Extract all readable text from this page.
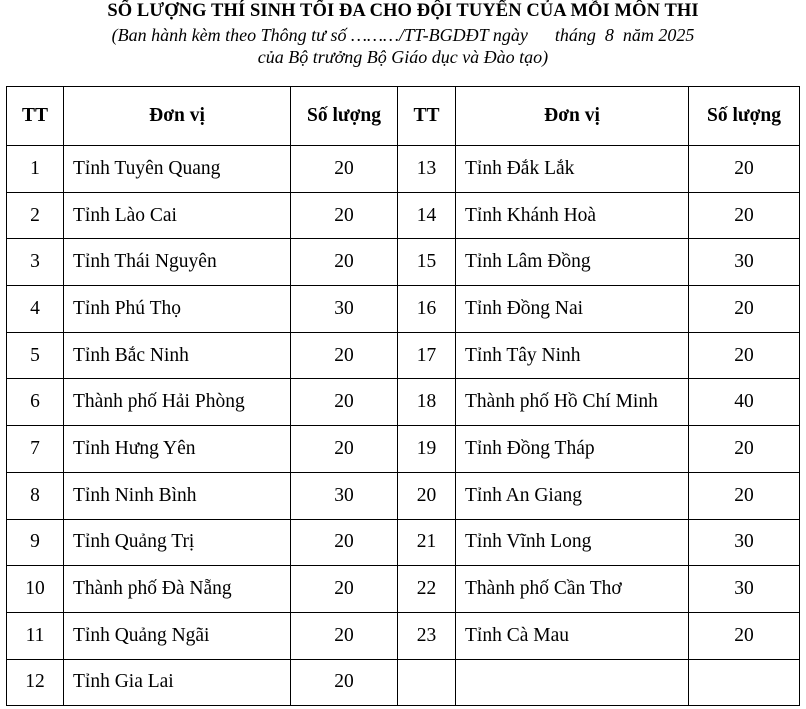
SỐ LƯỢNG THÍ SINH TỐI ĐA CHO ĐỘI TUYỂN CỦA MỖI MÔN THI
(Ban hành kèm theo Thông tư số ………/TT-BGDĐT ngày      tháng  8  năm 2025
của Bộ trưởng Bộ Giáo dục và Đào tạo)
TT	Đơn vị	Số lượng	TT	Đơn vị	Số lượng
1	Tỉnh Tuyên Quang	20	13	Tỉnh Đắk Lắk	20
2	Tỉnh Lào Cai	20	14	Tỉnh Khánh Hoà	20
3	Tỉnh Thái Nguyên	20	15	Tỉnh Lâm Đồng	30
4	Tỉnh Phú Thọ	30	16	Tỉnh Đồng Nai	20
5	Tỉnh Bắc Ninh	20	17	Tỉnh Tây Ninh	20
6	Thành phố Hải Phòng	20	18	Thành phố Hồ Chí Minh	40
7	Tỉnh Hưng Yên	20	19	Tỉnh Đồng Tháp	20
8	Tỉnh Ninh Bình	30	20	Tỉnh An Giang	20
9	Tỉnh Quảng Trị	20	21	Tỉnh Vĩnh Long	30
10	Thành phố Đà Nẵng	20	22	Thành phố Cần Thơ	30
11	Tỉnh Quảng Ngãi	20	23	Tỉnh Cà Mau	20
12	Tỉnh Gia Lai	20			
